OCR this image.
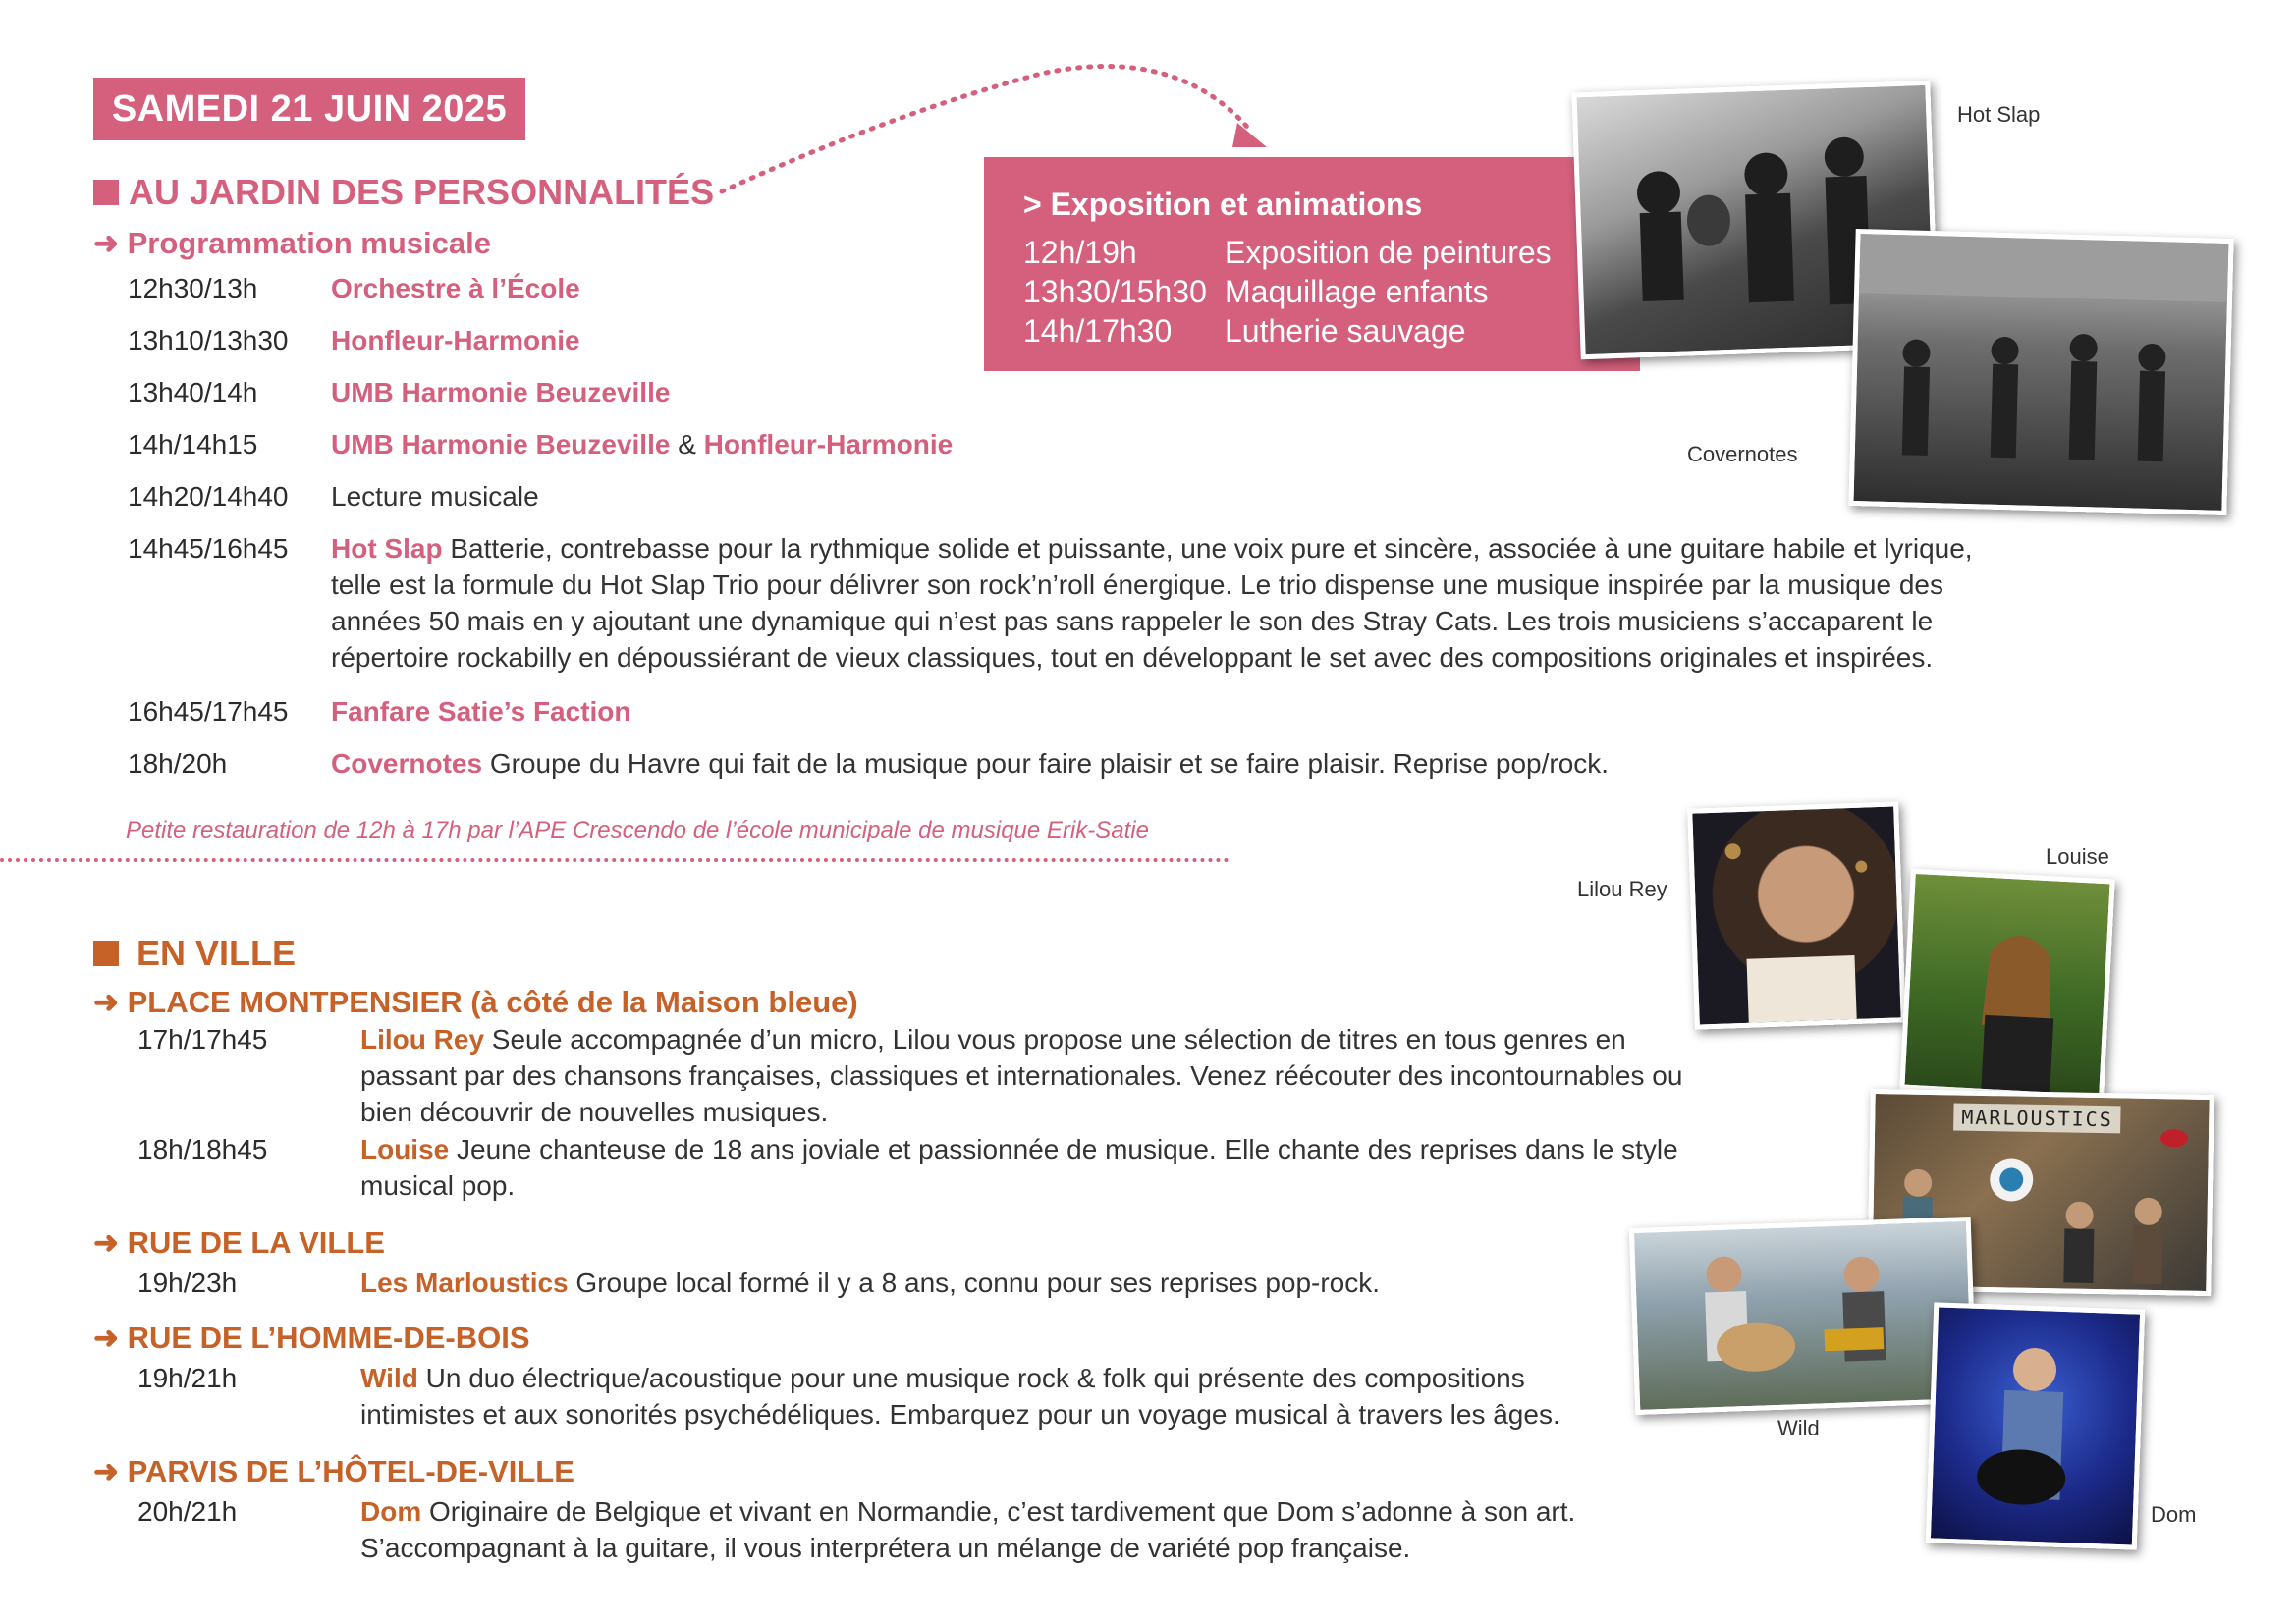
SAMEDI 21 JUIN 2025
AU JARDIN DES PERSONNALITÉS
➜ Programmation musicale
12h30/13h	Orchestre à l’École
13h10/13h30 Honfleur-Harmonie
13h40/14h	UMB Harmonie Beuzeville
14h/14h15	UMB Harmonie Beuzeville & Honfleur-Harmonie
14h20/14h40 Lecture musicale
14h45/16h45 Hot Slap Batterie, contrebasse pour la rythmique solide et puissante, une voix pure et sincère, associée à une guitare habile et lyrique, telle est la formule du Hot Slap Trio pour délivrer son rock’n’roll énergique. Le trio dispense une musique inspirée par la musique des années 50 mais en y ajoutant une dynamique qui n’est pas sans rappeler le son des Stray Cats. Les trois musiciens s’accaparent le répertoire rockabilly en dépoussiérant de vieux classiques, tout en développant le set avec des compositions originales et inspirées.
16h45/17h45 Fanfare Satie’s Faction
18h/20h	Covernotes Groupe du Havre qui fait de la musique pour faire plaisir et se faire plaisir. Reprise pop/rock.
Petite restauration de 12h à 17h par l’APE Crescendo de l’école municipale de musique Erik-Satie
> Exposition et animations
12h/19h	Exposition de peintures
13h30/15h30 Maquillage enfants
14h/17h30	Lutherie sauvage
Hot Slap
Covernotes
EN VILLE
➜ PLACE MONTPENSIER (à côté de la Maison bleue)
17h/17h45	Lilou Rey Seule accompagnée d’un micro, Lilou vous propose une sélection de titres en tous genres en passant par des chansons françaises, classiques et internationales. Venez réécouter des incontournables ou bien découvrir de nouvelles musiques.
18h/18h45	Louise Jeune chanteuse de 18 ans joviale et passionnée de musique. Elle chante des reprises dans le style musical pop.
➜ RUE DE LA VILLE
19h/23h	Les Marloustics Groupe local formé il y a 8 ans, connu pour ses reprises pop-rock.
➜ RUE DE L’HOMME-DE-BOIS
19h/21h	Wild Un duo électrique/acoustique pour une musique rock & folk qui présente des compositions intimistes et aux sonorités psychédéliques. Embarquez pour un voyage musical à travers les âges.
➜ PARVIS DE L’HÔTEL-DE-VILLE
20h/21h	Dom Originaire de Belgique et vivant en Normandie, c’est tardivement que Dom s’adonne à son art. S’accompagnant à la guitare, il vous interprétera un mélange de variété pop française.
Lilou Rey
Louise
MARLOUSTICS
Wild
Dom
